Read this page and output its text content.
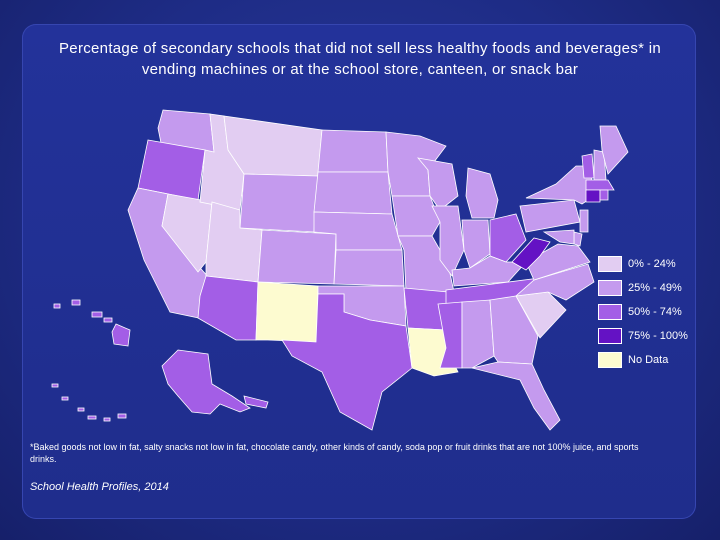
Percentage of secondary schools that did not sell less healthy foods and beverages* in vending machines or at the school store, canteen, or snack bar
0% - 24%
25% - 49%
50% - 74%
75% - 100%
No Data
*Baked goods not low in fat, salty snacks not low in fat, chocolate candy, other kinds of candy, soda pop or fruit drinks that are not 100% juice, and sports drinks.
School Health Profiles, 2014
